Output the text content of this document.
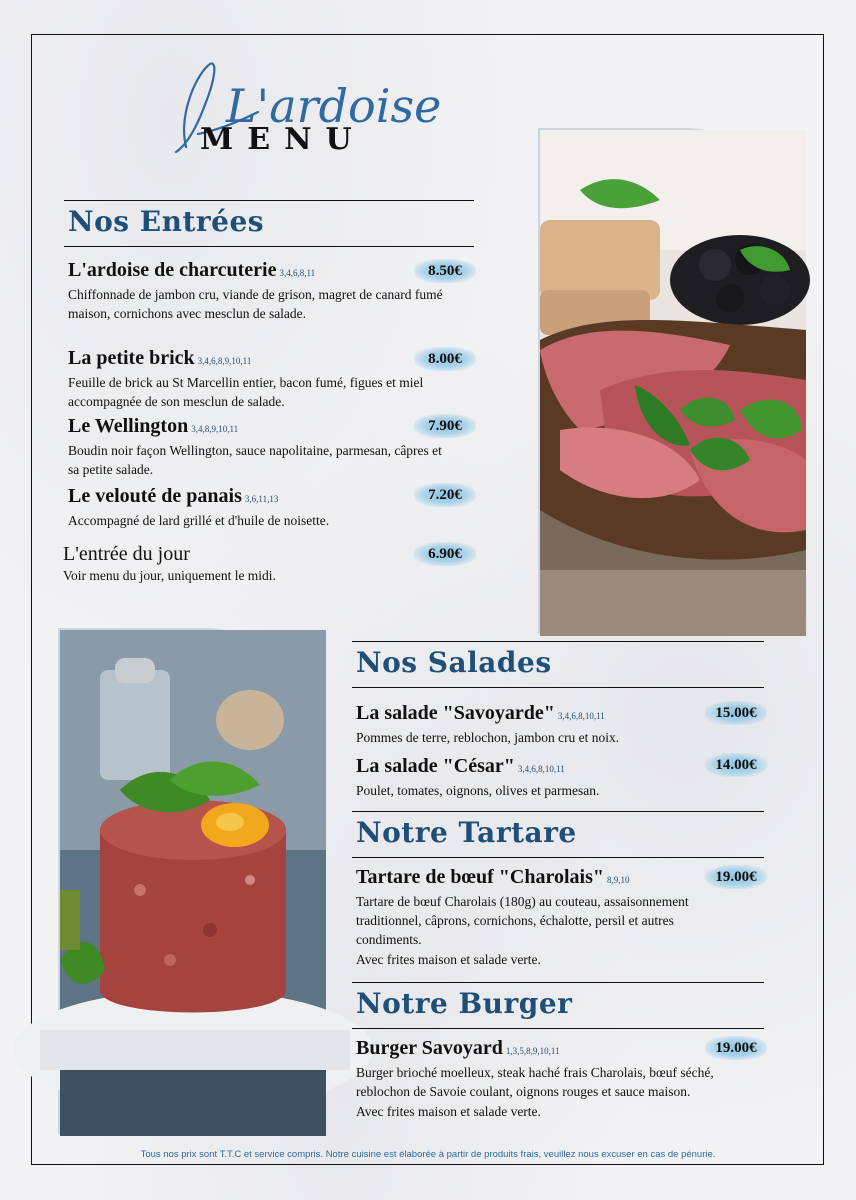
L'ardoise
MENU
Nos Entrées
L'ardoise de charcuterie 3,4,6,8,11
Chiffonnade de jambon cru, viande de grison, magret de canard fumé maison, cornichons avec mesclun de salade.
8.50€
La petite brick 3,4,6,8,9,10,11
Feuille de brick au St Marcellin entier, bacon fumé, figues et miel accompagnée de son mesclun de salade.
8.00€
Le Wellington 3,4,8,9,10,11
Boudin noir façon Wellington, sauce napolitaine, parmesan, câpres et sa petite salade.
7.90€
Le velouté de panais 3,6,11,13
Accompagné de lard grillé et d'huile de noisette.
7.20€
L'entrée du jour
Voir menu du jour, uniquement le midi.
6.90€
Nos Salades
La salade "Savoyarde" 3,4,6,8,10,11
Pommes de terre, reblochon, jambon cru et noix.
15.00€
La salade "César" 3,4,6,8,10,11
Poulet, tomates, oignons, olives et parmesan.
14.00€
Notre Tartare
Tartare de bœuf "Charolais" 8,9,10
Tartare de bœuf Charolais (180g) au couteau, assaisonnement traditionnel, câprons, cornichons, échalotte, persil et autres condiments.
Avec frites maison et salade verte.
19.00€
Notre Burger
Burger Savoyard 1,3,5,8,9,10,11
Burger brioché moelleux, steak haché frais Charolais, bœuf séché, reblochon de Savoie coulant, oignons rouges et sauce maison.
Avec frites maison et salade verte.
19.00€
Tous nos prix sont T.T.C et service compris. Notre cuisine est élaborée à partir de produits frais, veuillez nous excuser en cas de pénurie.
